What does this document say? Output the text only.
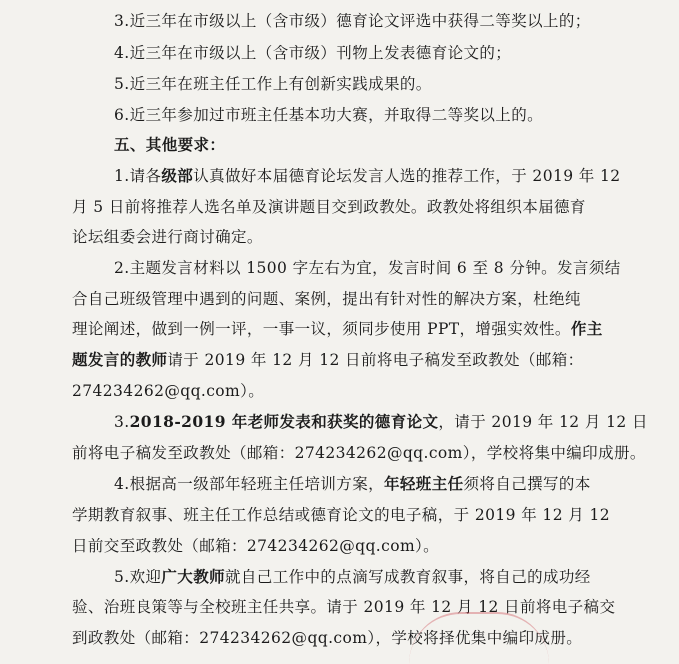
3.近三年在市级以上（含市级）德育论文评选中获得二等奖以上的；
4.近三年在市级以上（含市级）刊物上发表德育论文的；
5.近三年在班主任工作上有创新实践成果的。
6.近三年参加过市班主任基本功大赛，并取得二等奖以上的。
五、其他要求：
1.请各级部认真做好本届德育论坛发言人选的推荐工作，于 2019 年 12
月 5 日前将推荐人选名单及演讲题目交到政教处。政教处将组织本届德育
论坛组委会进行商讨确定。
2.主题发言材料以 1500 字左右为宜，发言时间 6 至 8 分钟。发言须结
合自己班级管理中遇到的问题、案例，提出有针对性的解决方案，杜绝纯
理论阐述，做到一例一评，一事一议，须同步使用 PPT，增强实效性。作主
题发言的教师请于 2019 年 12 月 12 日前将电子稿发至政教处（邮箱：
274234262@qq.com）。
3.2018-2019 年老师发表和获奖的德育论文，请于 2019 年 12 月 12 日
前将电子稿发至政教处（邮箱：274234262@qq.com），学校将集中编印成册。
4.根据高一级部年轻班主任培训方案，年轻班主任须将自己撰写的本
学期教育叙事、班主任工作总结或德育论文的电子稿，于 2019 年 12 月 12
日前交至政教处（邮箱：274234262@qq.com）。
5.欢迎广大教师就自己工作中的点滴写成教育叙事，将自己的成功经
验、治班良策等与全校班主任共享。请于 2019 年 12 月 12 日前将电子稿交
到政教处（邮箱：274234262@qq.com），学校将择优集中编印成册。
